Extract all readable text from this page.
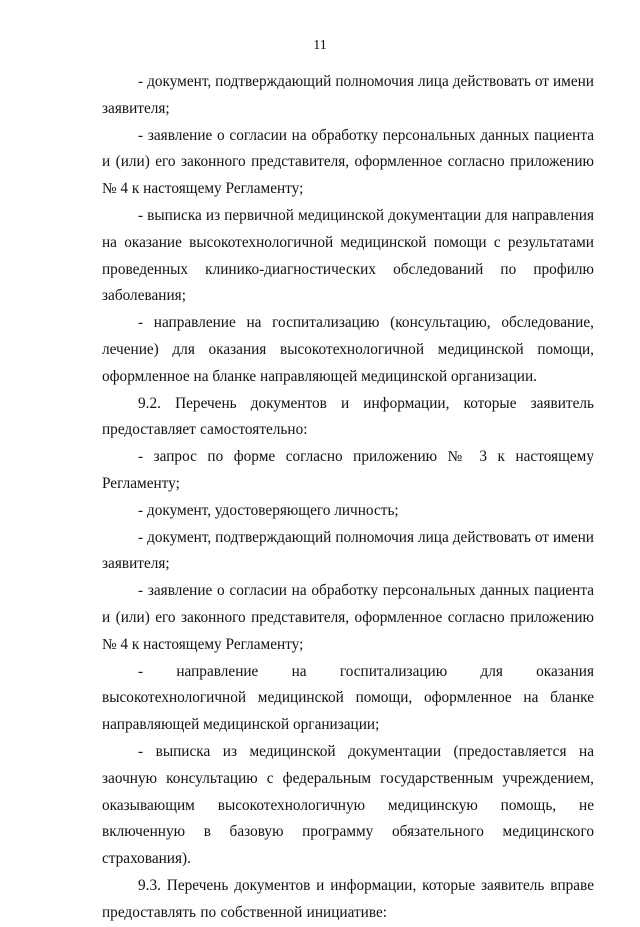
11

- документ, подтверждающий полномочия лица действовать от имени заявителя;

- заявление о согласии на обработку персональных данных пациента и (или) его законного представителя, оформленное согласно приложению № 4 к настоящему Регламенту;

- выписка из первичной медицинской документации для направления на оказание высокотехнологичной медицинской помощи с результатами проведенных клинико-диагностических обследований по профилю заболевания;

- направление на госпитализацию (консультацию, обследование, лечение) для оказания высокотехнологичной медицинской помощи, оформленное на бланке направляющей медицинской организации.

9.2. Перечень документов и информации, которые заявитель предоставляет самостоятельно:

- запрос по форме согласно приложению № 3 к настоящему Регламенту;

- документ, удостоверяющего личность;

- документ, подтверждающий полномочия лица действовать от имени заявителя;

- заявление о согласии на обработку персональных данных пациента и (или) его законного представителя, оформленное согласно приложению № 4 к настоящему Регламенту;

- направление на госпитализацию для оказания высокотехнологичной медицинской помощи, оформленное на бланке направляющей медицинской организации;

- выписка из медицинской документации (предоставляется на заочную консультацию с федеральным государственным учреждением, оказывающим высокотехнологичную медицинскую помощь, не включенную в базовую программу обязательного медицинского страхования).

9.3. Перечень документов и информации, которые заявитель вправе предоставлять по собственной инициативе:
